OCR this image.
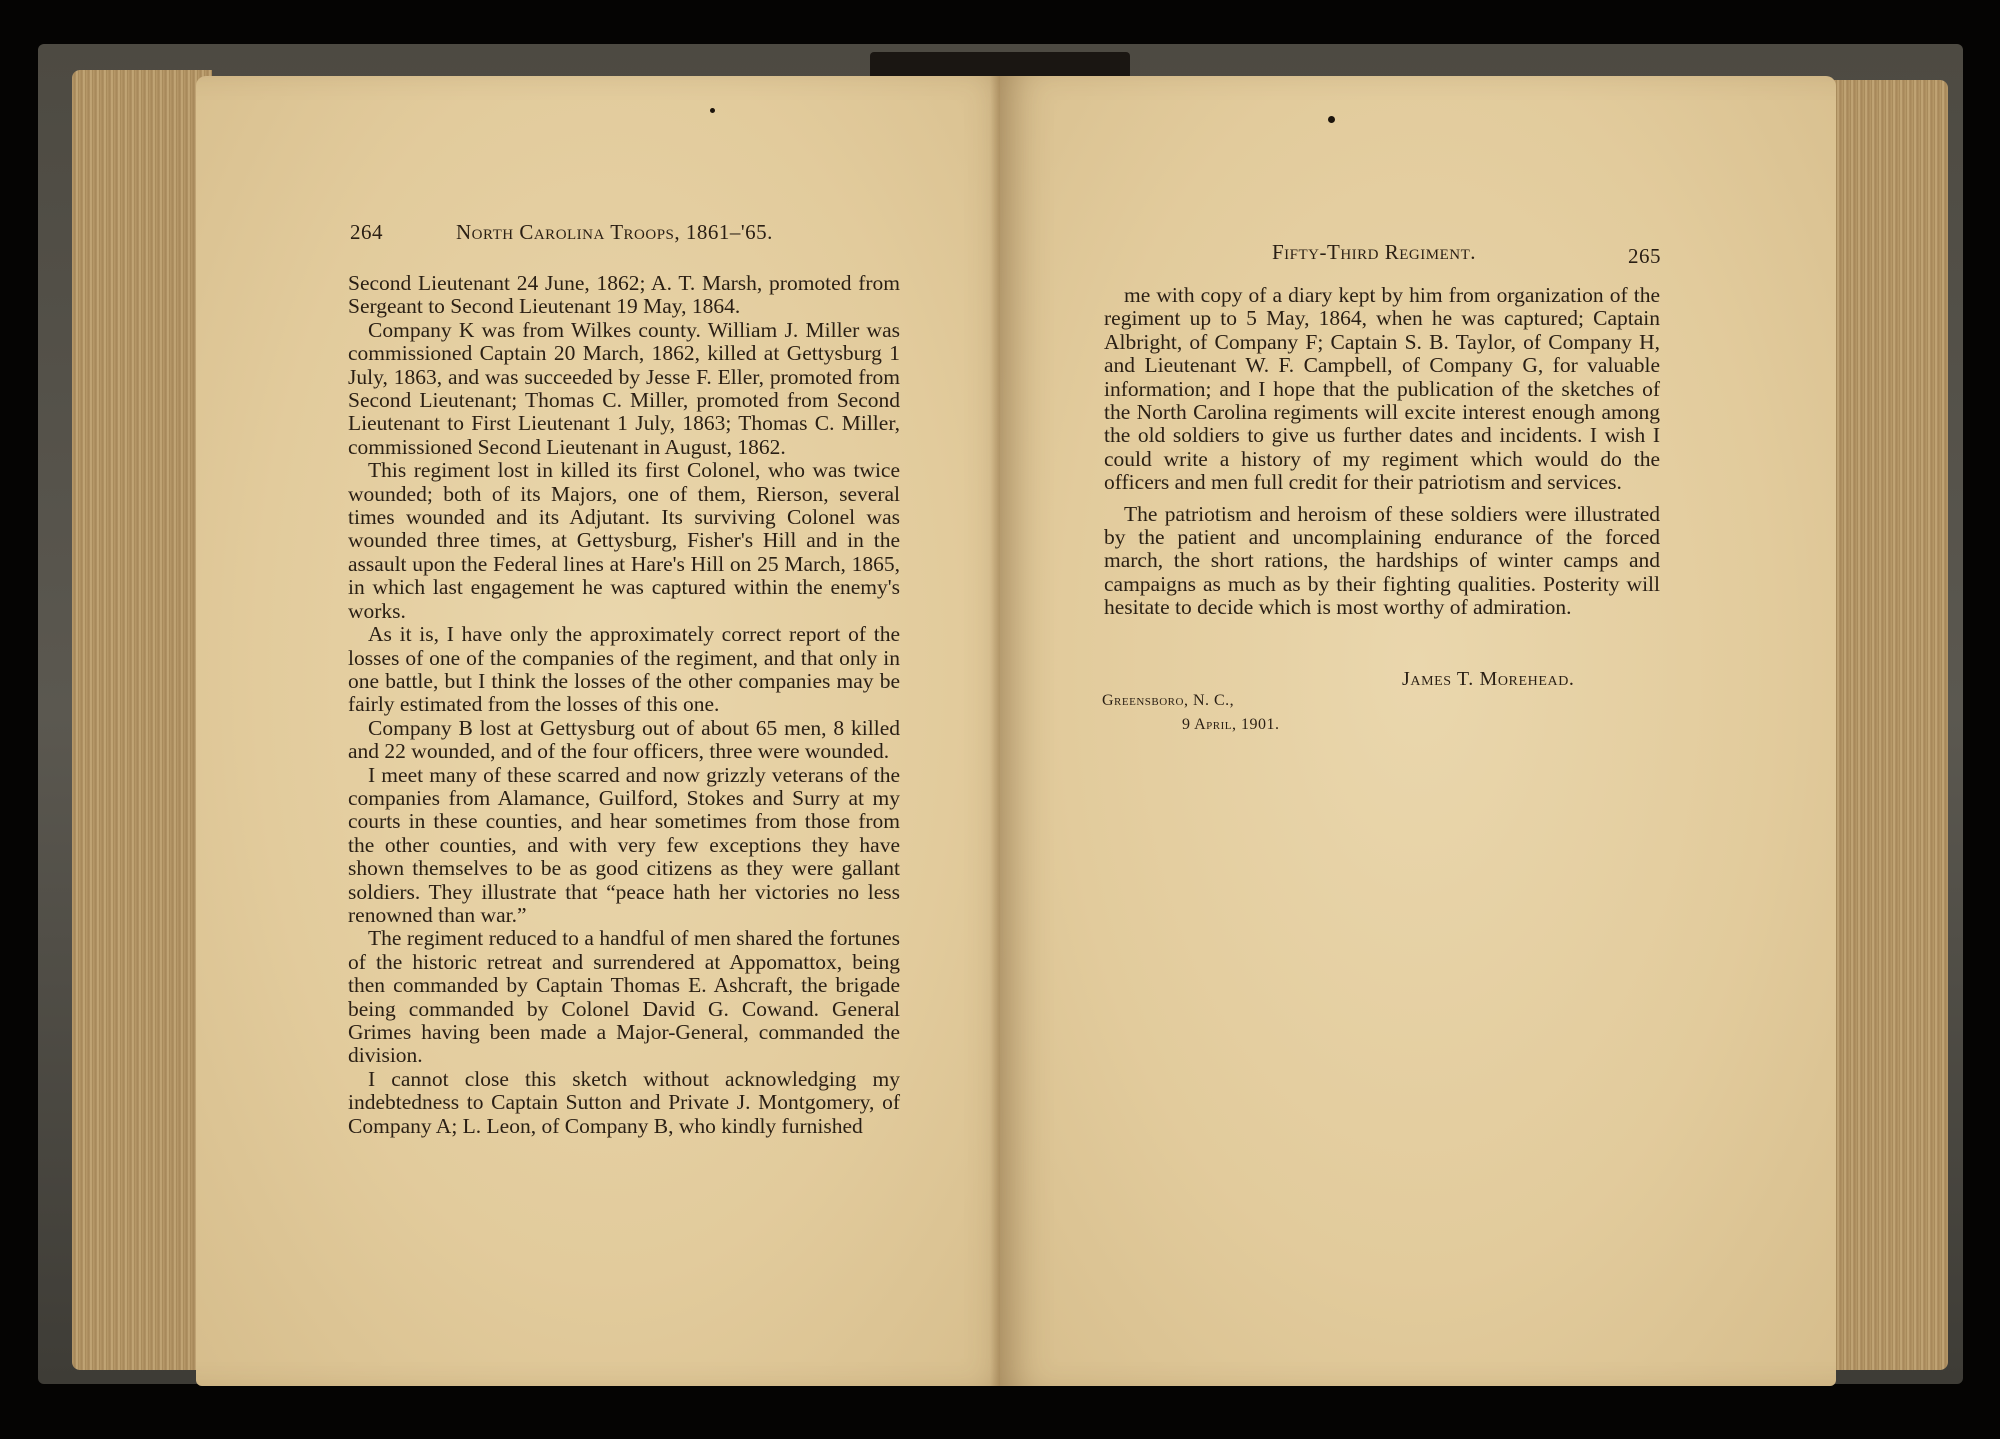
264	North Carolina Troops, 1861–'65.

Second Lieutenant 24 June, 1862; A. T. Marsh, promoted from Sergeant to Second Lieutenant 19 May, 1864.

Company K was from Wilkes county. William J. Miller was commissioned Captain 20 March, 1862, killed at Gettysburg 1 July, 1863, and was succeeded by Jesse F. Eller, promoted from Second Lieutenant; Thomas C. Miller, promoted from Second Lieutenant to First Lieutenant 1 July, 1863; Thomas C. Miller, commissioned Second Lieutenant in August, 1862.

This regiment lost in killed its first Colonel, who was twice wounded; both of its Majors, one of them, Rierson, several times wounded and its Adjutant. Its surviving Colonel was wounded three times, at Gettysburg, Fisher's Hill and in the assault upon the Federal lines at Hare's Hill on 25 March, 1865, in which last engagement he was captured within the enemy's works.

As it is, I have only the approximately correct report of the losses of one of the companies of the regiment, and that only in one battle, but I think the losses of the other companies may be fairly estimated from the losses of this one.

Company B lost at Gettysburg out of about 65 men, 8 killed and 22 wounded, and of the four officers, three were wounded.

I meet many of these scarred and now grizzly veterans of the companies from Alamance, Guilford, Stokes and Surry at my courts in these counties, and hear sometimes from those from the other counties, and with very few exceptions they have shown themselves to be as good citizens as they were gallant soldiers. They illustrate that “peace hath her victories no less renowned than war.”

The regiment reduced to a handful of men shared the fortunes of the historic retreat and surrendered at Appomattox, being then commanded by Captain Thomas E. Ashcraft, the brigade being commanded by Colonel David G. Cowand. General Grimes having been made a Major-General, commanded the division.

I cannot close this sketch without acknowledging my indebtedness to Captain Sutton and Private J. Montgomery, of Company A; L. Leon, of Company B, who kindly furnished

Fifty-Third Regiment.	265

me with copy of a diary kept by him from organization of the regiment up to 5 May, 1864, when he was captured; Captain Albright, of Company F; Captain S. B. Taylor, of Company H, and Lieutenant W. F. Campbell, of Company G, for valuable information; and I hope that the publication of the sketches of the North Carolina regiments will excite interest enough among the old soldiers to give us further dates and incidents. I wish I could write a history of my regiment which would do the officers and men full credit for their patriotism and services.

The patriotism and heroism of these soldiers were illustrated by the patient and uncomplaining endurance of the forced march, the short rations, the hardships of winter camps and campaigns as much as by their fighting qualities. Posterity will hesitate to decide which is most worthy of admiration.

James T. Morehead.
Greensboro, N. C.,
9 April, 1901.
